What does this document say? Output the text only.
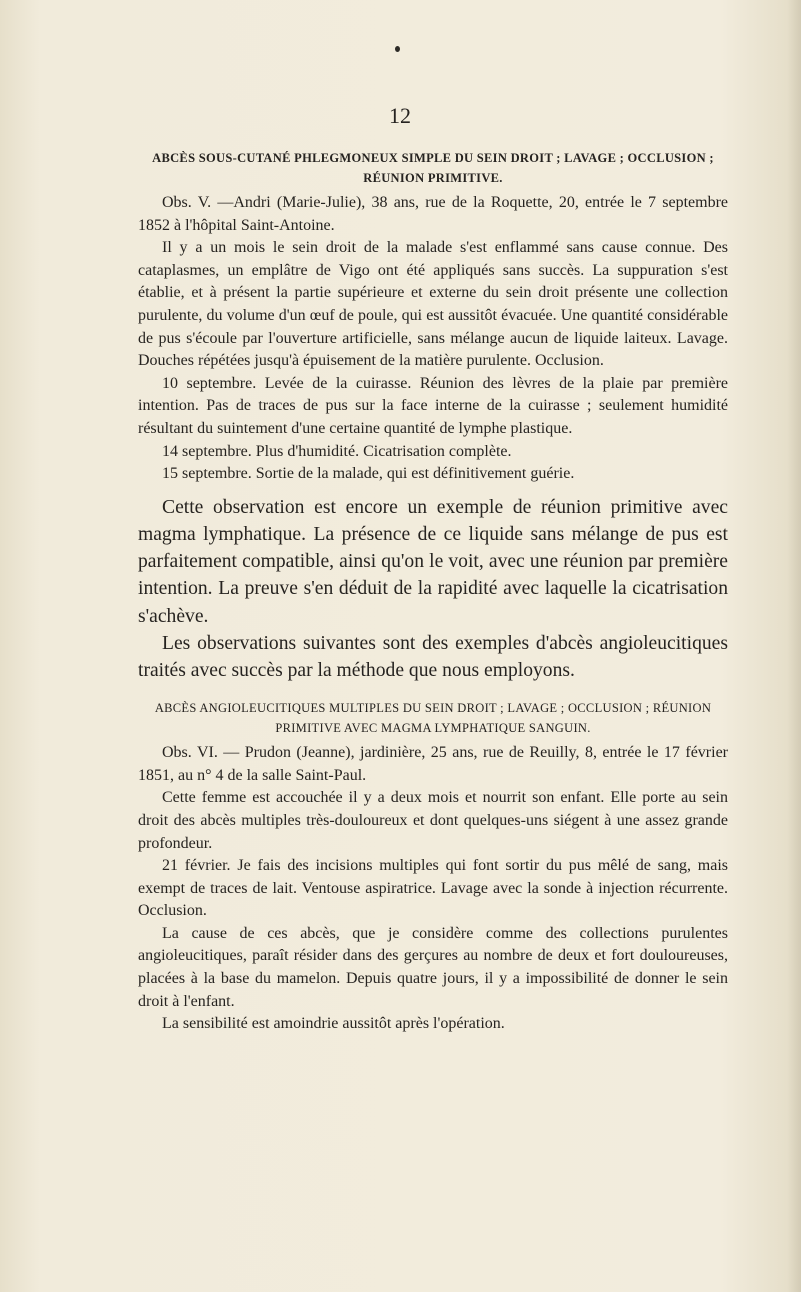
12
ABCÈS SOUS-CUTANÉ PHLEGMONEUX SIMPLE DU SEIN DROIT ; LAVAGE ; OCCLUSION ; RÉUNION PRIMITIVE.

Obs. V. —Andri (Marie-Julie), 38 ans, rue de la Roquette, 20, entrée le 7 septembre 1852 à l'hôpital Saint-Antoine.

Il y a un mois le sein droit de la malade s'est enflammé sans cause connue. Des cataplasmes, un emplâtre de Vigo ont été appliqués sans succès. La suppuration s'est établie, et à présent la partie supérieure et externe du sein droit présente une collection purulente, du volume d'un œuf de poule, qui est aussitôt évacuée. Une quantité considérable de pus s'écoule par l'ouverture artificielle, sans mélange aucun de liquide laiteux. Lavage. Douches répétées jusqu'à épuisement de la matière purulente. Occlusion.

10 septembre. Levée de la cuirasse. Réunion des lèvres de la plaie par première intention. Pas de traces de pus sur la face interne de la cuirasse ; seulement humidité résultant du suintement d'une certaine quantité de lymphe plastique.

14 septembre. Plus d'humidité. Cicatrisation complète.

15 septembre. Sortie de la malade, qui est définitivement guérie.

Cette observation est encore un exemple de réunion primitive avec magma lymphatique. La présence de ce liquide sans mélange de pus est parfaitement compatible, ainsi qu'on le voit, avec une réunion par première intention. La preuve s'en déduit de la rapidité avec laquelle la cicatrisation s'achève.

Les observations suivantes sont des exemples d'abcès angioleucitiques traités avec succès par la méthode que nous employons.

ABCÈS ANGIOLEUCITIQUES MULTIPLES DU SEIN DROIT ; LAVAGE ; OCCLUSION ; RÉUNION PRIMITIVE AVEC MAGMA LYMPHATIQUE SANGUIN.

Obs. VI. — Prudon (Jeanne), jardinière, 25 ans, rue de Reuilly, 8, entrée le 17 février 1851, au n° 4 de la salle Saint-Paul.

Cette femme est accouchée il y a deux mois et nourrit son enfant. Elle porte au sein droit des abcès multiples très-douloureux et dont quelques-uns siégent à une assez grande profondeur.

21 février. Je fais des incisions multiples qui font sortir du pus mêlé de sang, mais exempt de traces de lait. Ventouse aspiratrice. Lavage avec la sonde à injection récurrente. Occlusion.

La cause de ces abcès, que je considère comme des collections purulentes angioleucitiques, paraît résider dans des gerçures au nombre de deux et fort douloureuses, placées à la base du mamelon. Depuis quatre jours, il y a impossibilité de donner le sein droit à l'enfant.

La sensibilité est amoindrie aussitôt après l'opération.
